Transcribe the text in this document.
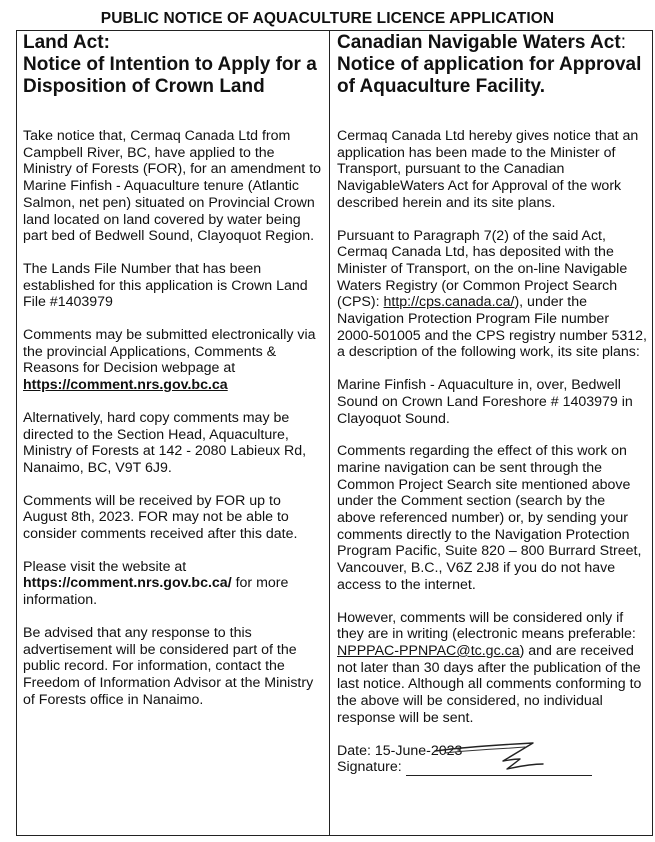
PUBLIC NOTICE OF AQUACULTURE LICENCE APPLICATION
Land Act:
Notice of Intention to Apply for a Disposition of Crown Land

Take notice that, Cermaq Canada Ltd from Campbell River, BC, have applied to the Ministry of Forests (FOR), for an amendment to Marine Finfish - Aquaculture tenure (Atlantic Salmon, net pen) situated on Provincial Crown land located on land covered by water being part bed of Bedwell Sound, Clayoquot Region.

The Lands File Number that has been established for this application is Crown Land File #1403979

Comments may be submitted electronically via the provincial Applications, Comments & Reasons for Decision webpage at https://comment.nrs.gov.bc.ca

Alternatively, hard copy comments may be directed to the Section Head, Aquaculture, Ministry of Forests at 142 - 2080 Labieux Rd, Nanaimo, BC, V9T 6J9.

Comments will be received by FOR up to August 8th, 2023. FOR may not be able to consider comments received after this date.

Please visit the website at https://comment.nrs.gov.bc.ca/ for more information.

Be advised that any response to this advertisement will be considered part of the public record. For information, contact the Freedom of Information Advisor at the Ministry of Forests office in Nanaimo.

Canadian Navigable Waters Act:
Notice of application for Approval of Aquaculture Facility.

Cermaq Canada Ltd hereby gives notice that an application has been made to the Minister of Transport, pursuant to the Canadian NavigableWaters Act for Approval of the work described herein and its site plans.

Pursuant to Paragraph 7(2) of the said Act, Cermaq Canada Ltd, has deposited with the Minister of Transport, on the on-line Navigable Waters Registry (or Common Project Search (CPS): http://cps.canada.ca/), under the Navigation Protection Program File number 2000-501005 and the CPS registry number 5312, a description of the following work, its site plans:

Marine Finfish - Aquaculture in, over, Bedwell Sound on Crown Land Foreshore # 1403979 in Clayoquot Sound.

Comments regarding the effect of this work on marine navigation can be sent through the Common Project Search site mentioned above under the Comment section (search by the above referenced number) or, by sending your comments directly to the Navigation Protection Program Pacific, Suite 820 – 800 Burrard Street, Vancouver, B.C., V6Z 2J8 if you do not have access to the internet.

However, comments will be considered only if they are in writing (electronic means preferable: NPPPAC-PPNPAC@tc.gc.ca) and are received not later than 30 days after the publication of the last notice. Although all comments conforming to the above will be considered, no individual response will be sent.

Date: 15-June-2023

Signature:
